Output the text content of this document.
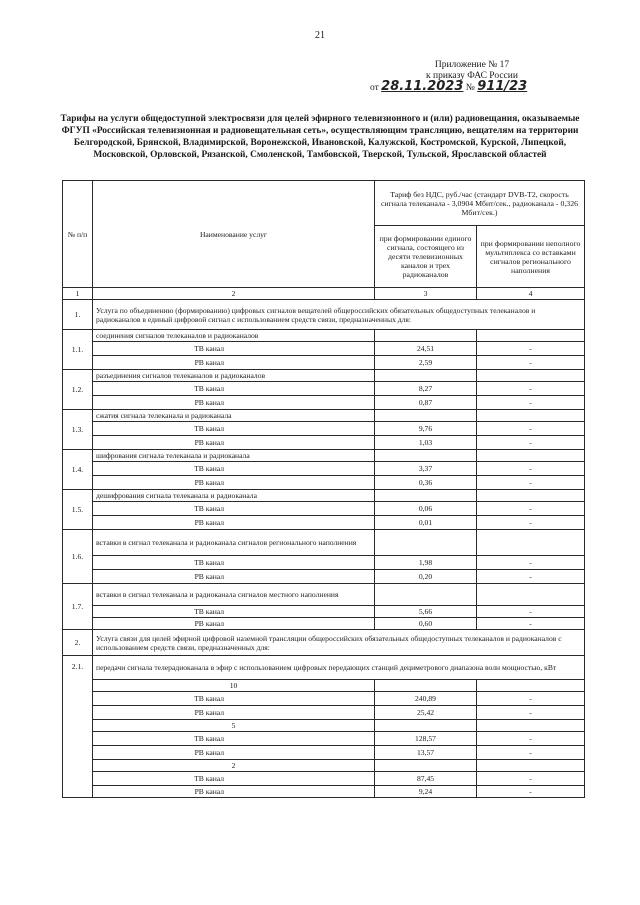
21
Приложение № 17
к приказу ФАС России
от 28.11.2023 № 911/23
Тарифы на услуги общедоступной электросвязи для целей эфирного телевизионного и (или) радиовещания, оказываемые ФГУП «Российская телевизионная и радиовещательная сеть», осуществляющим трансляцию, вещателям на территории Белгородской, Брянской, Владимирской, Воронежской, Ивановской, Калужской, Костромской, Курской, Липецкой, Московской, Орловской, Рязанской, Смоленской, Тамбовской, Тверской, Тульской, Ярославской областей
№ п/п	Наименование услуг	Тариф без НДС, руб./час (стандарт DVB-T2, скорость сигнала телеканала - 3,0904 Мбит/сек., радиоканала - 0,326 Мбит/сек.)	
		при формировании единого сигнала, состоящего из десяти телевизионных каналов и трех радиоканалов	при формировании неполного мультиплекса со вставками сигналов регионального наполнения
1	2	3	4
1.	Услуга по объединению (формированию) цифровых сигналов вещателей общероссийских обязательных общедоступных телеканалов и радиоканалов в единый цифровой сигнал с использованием средств связи, предназначенных для:		
1.1.	соединения сигналов телеканалов и радиоканалов		
	ТВ канал	24,51	-
	РВ канал	2,59	-
1.2.	разъединения сигналов телеканалов и радиоканалов		
	ТВ канал	8,27	-
	РВ канал	0,87	-
1.3.	сжатия сигнала телеканала и радиоканала		
	ТВ канал	9,76	-
	РВ канал	1,03	-
1.4.	шифрования сигнала телеканала и радиоканала		
	ТВ канал	3,37	-
	РВ канал	0,36	-
1.5.	дешифрования сигнала телеканала и радиоканала		
	ТВ канал	0,06	-
	РВ канал	0,01	-
1.6.	вставки в сигнал телеканала и радиоканала сигналов регионального наполнения		
	ТВ канал	1,98	-
	РВ канал	0,20	-
1.7.	вставки в сигнал телеканала и радиоканала сигналов местного наполнения		
	ТВ канал	5,66	-
	РВ канал	0,60	-
2.	Услуга связи для целей эфирной цифровой наземной трансляции общероссийских обязательных общедоступных телеканалов и радиоканалов с использованием средств связи, предназначенных для:		
2.1.	передачи сигнала телерадиоканала в эфир с использованием цифровых передающих станций дециметрового диапазона волн мощностью, кВт		
	10		
	ТВ канал	240,89	-
	РВ канал	25,42	-
	5		
	ТВ канал	128,57	-
	РВ канал	13,57	-
	2		
	ТВ канал	87,45	-
	РВ канал	9,24	-
